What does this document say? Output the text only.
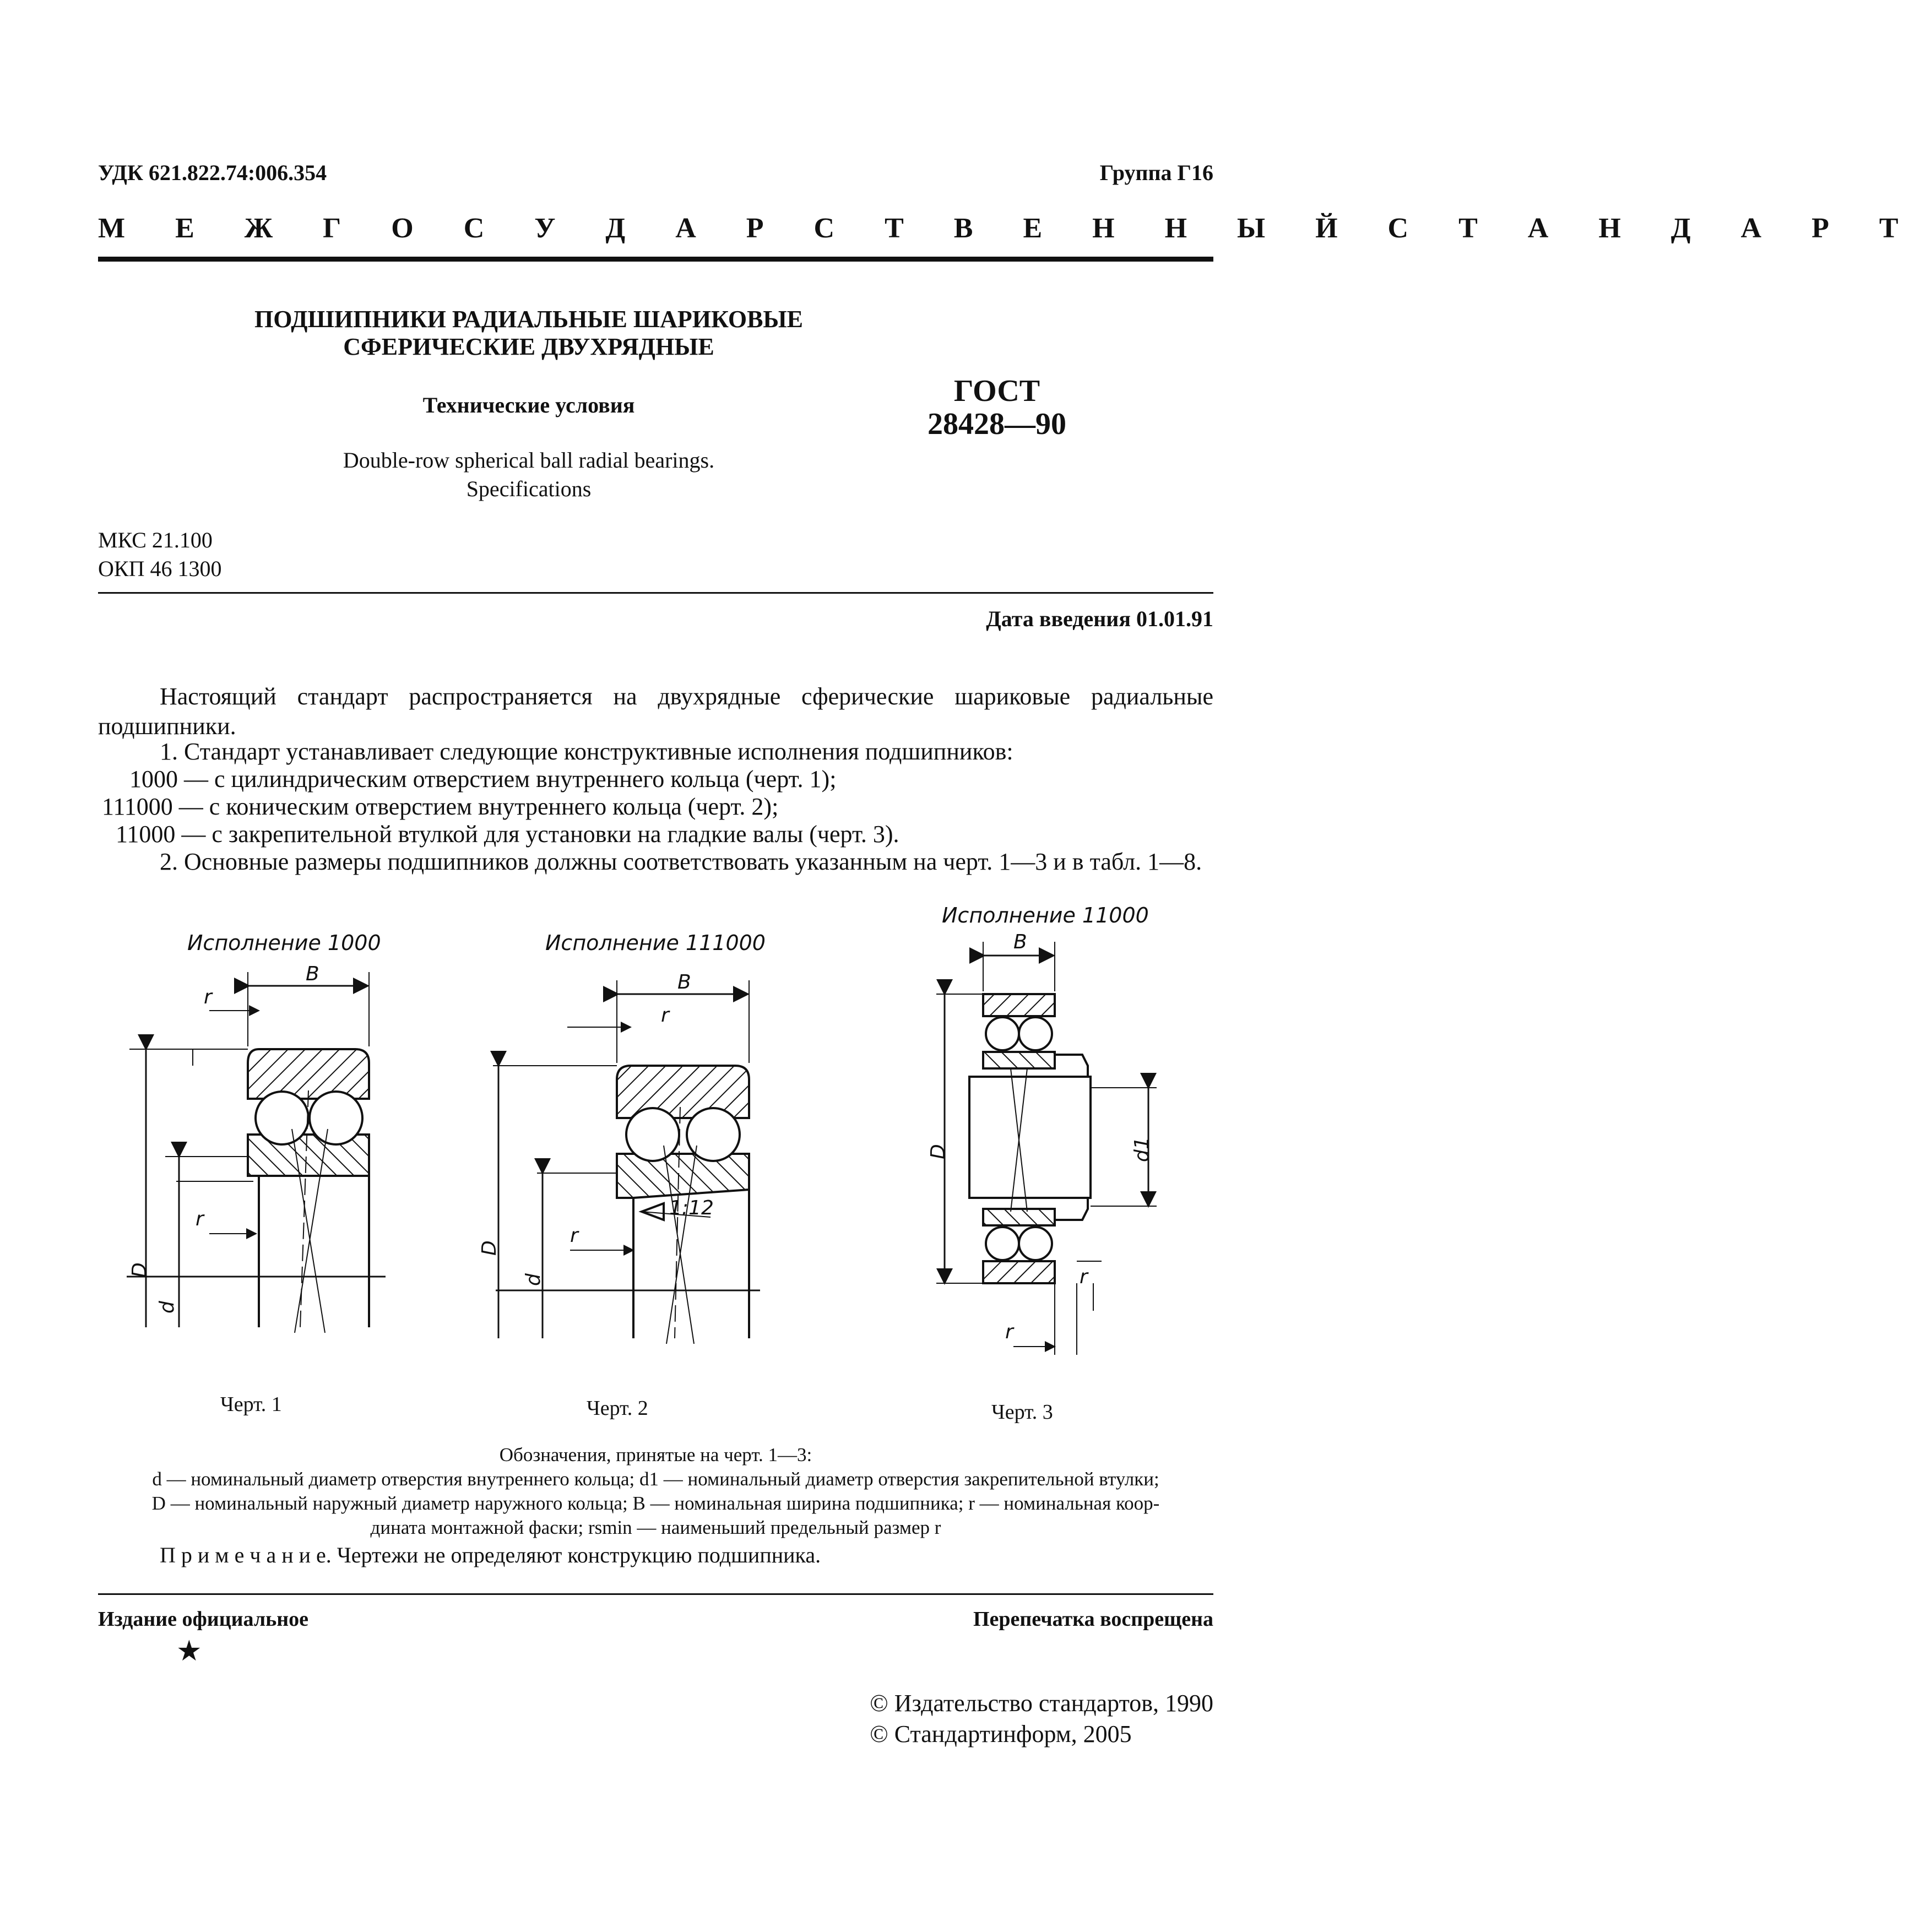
УДК 621.822.74:006.354	Группа Г16
М Е Ж Г О С У Д А Р С Т В Е Н Н Ы Й С Т А Н Д А Р Т
ПОДШИПНИКИ РАДИАЛЬНЫЕ ШАРИКОВЫЕ
СФЕРИЧЕСКИЕ ДВУХРЯДНЫЕ
Технические условия
Double-row spherical ball radial bearings.
Specifications
ГОСТ
28428—90
МКС 21.100
ОКП 46 1300
Дата введения 01.01.91
Настоящий стандарт распространяется на двухрядные сферические шариковые радиальные подшипники.
1. Стандарт устанавливает следующие конструктивные исполнения подшипников:
1000 — с цилиндрическим отверстием внутреннего кольца (черт. 1);
111000 — с коническим отверстием внутреннего кольца (черт. 2);
11000 — с закрепительной втулкой для установки на гладкие валы (черт. 3).
2. Основные размеры подшипников должны соответствовать указанным на черт. 1—3 и в табл. 1—8.
Исполнение 1000	Исполнение 111000
Исполнение 11000
B
r
r
D
d
B
r
r
1:12
D
d
B
D	d1
r
r
Черт. 1	Черт. 2	Черт. 3
Обозначения, принятые на черт. 1—3:
d — номинальный диаметр отверстия внутреннего кольца; d1 — номинальный диаметр отверстия закрепительной втулки;
D — номинальный наружный диаметр наружного кольца; B — номинальная ширина подшипника; r — номинальная коор-
дината монтажной фаски; rsmin — наименьший предельный размер r
П р и м е ч а н и е. Чертежи не определяют конструкцию подшипника.
Издание официальное	Перепечатка воспрещена
★
© Издательство стандартов, 1990
© Стандартинформ, 2005
